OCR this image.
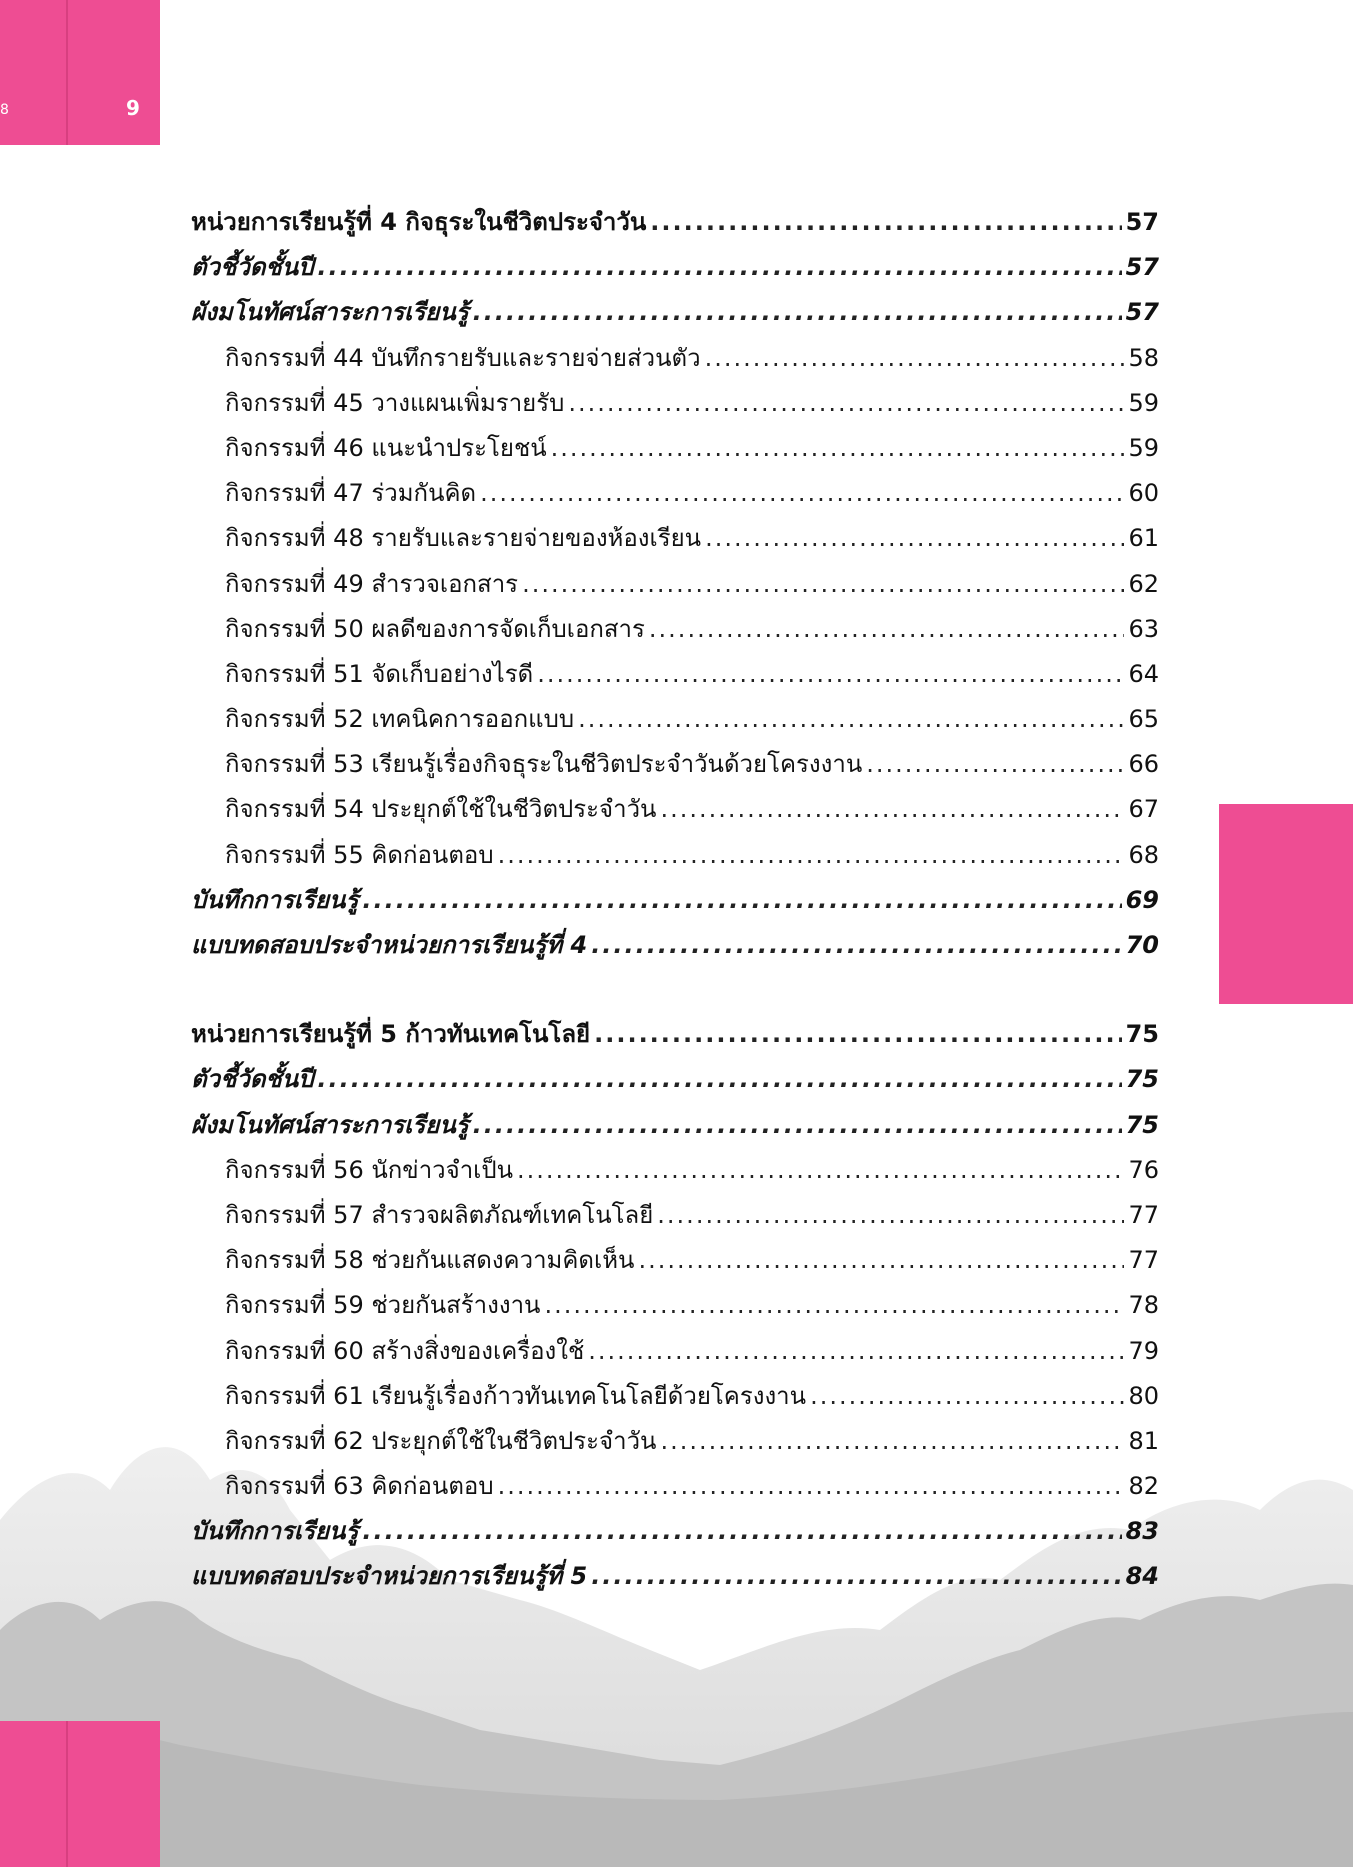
8	9
หน่วยการเรียนรู้ที่ 4 กิจธุระในชีวิตประจำวัน .....	57
ตัวชี้วัดชั้นปี .....	57
ผังมโนทัศน์สาระการเรียนรู้ .....	57
กิจกรรมที่ 44 บันทึกรายรับและรายจ่ายส่วนตัว .....	58
กิจกรรมที่ 45 วางแผนเพิ่มรายรับ .....	59
กิจกรรมที่ 46 แนะนำประโยชน์ .....	59
กิจกรรมที่ 47 ร่วมกันคิด .....	60
กิจกรรมที่ 48 รายรับและรายจ่ายของห้องเรียน .....	61
กิจกรรมที่ 49 สำรวจเอกสาร .....	62
กิจกรรมที่ 50 ผลดีของการจัดเก็บเอกสาร .....	63
กิจกรรมที่ 51 จัดเก็บอย่างไรดี .....	64
กิจกรรมที่ 52 เทคนิคการออกแบบ .....	65
กิจกรรมที่ 53 เรียนรู้เรื่องกิจธุระในชีวิตประจำวันด้วยโครงงาน .....	66
กิจกรรมที่ 54 ประยุกต์ใช้ในชีวิตประจำวัน .....	67
กิจกรรมที่ 55 คิดก่อนตอบ .....	68
บันทึกการเรียนรู้ .....	69
แบบทดสอบประจำหน่วยการเรียนรู้ที่ 4 .....	70
หน่วยการเรียนรู้ที่ 5 ก้าวทันเทคโนโลยี .....	75
ตัวชี้วัดชั้นปี .....	75
ผังมโนทัศน์สาระการเรียนรู้ .....	75
กิจกรรมที่ 56 นักข่าวจำเป็น .....	76
กิจกรรมที่ 57 สำรวจผลิตภัณฑ์เทคโนโลยี .....	77
กิจกรรมที่ 58 ช่วยกันแสดงความคิดเห็น .....	77
กิจกรรมที่ 59 ช่วยกันสร้างงาน .....	78
กิจกรรมที่ 60 สร้างสิ่งของเครื่องใช้ .....	79
กิจกรรมที่ 61 เรียนรู้เรื่องก้าวทันเทคโนโลยีด้วยโครงงาน .....	80
กิจกรรมที่ 62 ประยุกต์ใช้ในชีวิตประจำวัน .....	81
กิจกรรมที่ 63 คิดก่อนตอบ .....	82
บันทึกการเรียนรู้ .....	83
แบบทดสอบประจำหน่วยการเรียนรู้ที่ 5 .....	84
